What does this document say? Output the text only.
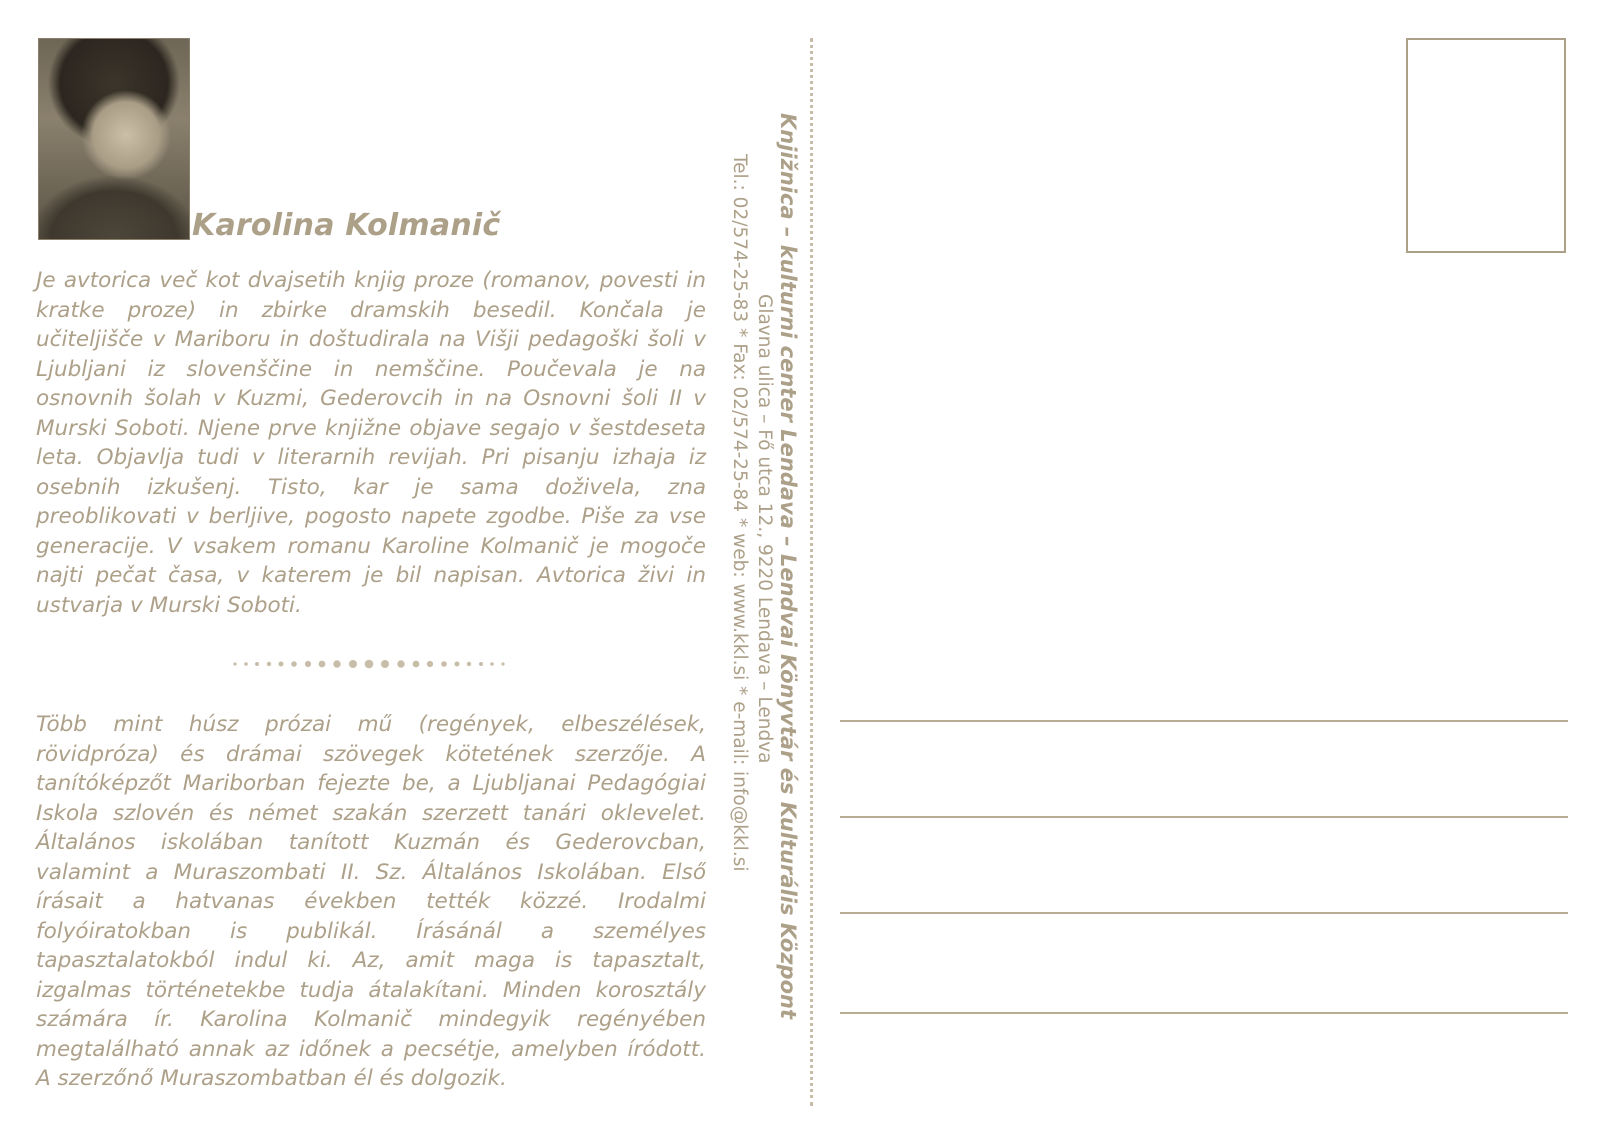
Karolina Kolmanič

Je avtorica več kot dvajsetih knjig proze (romanov, povesti in kratke proze) in zbirke dramskih besedil. Končala je učiteljišče v Mariboru in doštudirala na Višji pedagoški šoli v Ljubljani iz slovenščine in nemščine. Poučevala je na osnovnih šolah v Kuzmi, Gederovcih in na Osnovni šoli II v Murski Soboti. Njene prve knjižne objave segajo v šestdeseta leta. Objavlja tudi v literarnih revijah. Pri pisanju izhaja iz osebnih izkušenj. Tisto, kar je sama doživela, zna preoblikovati v berljive, pogosto napete zgodbe. Piše za vse generacije. V vsakem romanu Karoline Kolmanič je mogoče najti pečat časa, v katerem je bil napisan. Avtorica živi in ustvarja v Murski Soboti.

Több mint húsz prózai mű (regények, elbeszélések, rövidpróza) és drámai szövegek kötetének szerzője. A tanítóképzőt Mariborban fejezte be, a Ljubljanai Pedagógiai Iskola szlovén és német szakán szerzett tanári oklevelet. Általános iskolában tanított Kuzmán és Gederovcban, valamint a Muraszombati II. Sz. Általános Iskolában. Első írásait a hatvanas években tették közzé. Irodalmi folyóiratokban is publikál. Írásánál a személyes tapasztalatokból indul ki. Az, amit maga is tapasztalt, izgalmas történetekbe tudja átalakítani. Minden korosztály számára ír. Karolina Kolmanič mindegyik regényében megtalálható annak az időnek a pecsétje, amelyben íródott. A szerzőnő Muraszombatban él és dolgozik.

Knjižnica – kulturni center Lendava – Lendvai Könyvtár és Kulturális Központ
Glavna ulica – Fő utca 12., 9220 Lendava – Lendva
Tel.: 02/574-25-83 * Fax: 02/574-25-84 * web: www.kkl.si * e-mail: info@kkl.si
